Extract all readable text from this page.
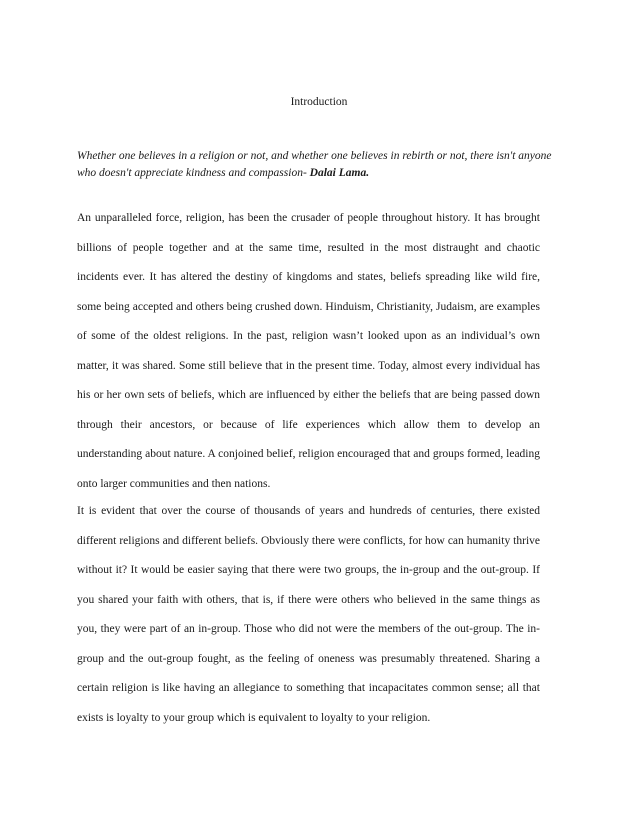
Introduction

Whether one believes in a religion or not, and whether one believes in rebirth or not, there isn't anyone who doesn't appreciate kindness and compassion- Dalai Lama.

An unparalleled force, religion, has been the crusader of people throughout history. It has brought billions of people together and at the same time, resulted in the most distraught and chaotic incidents ever. It has altered the destiny of kingdoms and states, beliefs spreading like wild fire, some being accepted and others being crushed down. Hinduism, Christianity, Judaism, are examples of some of the oldest religions. In the past, religion wasn’t looked upon as an individual’s own matter, it was shared. Some still believe that in the present time. Today, almost every individual has his or her own sets of beliefs, which are influenced by either the beliefs that are being passed down through their ancestors, or because of life experiences which allow them to develop an understanding about nature. A conjoined belief, religion encouraged that and groups formed, leading onto larger communities and then nations.

It is evident that over the course of thousands of years and hundreds of centuries, there existed different religions and different beliefs. Obviously there were conflicts, for how can humanity thrive without it? It would be easier saying that there were two groups, the in-group and the out-group. If you shared your faith with others, that is, if there were others who believed in the same things as you, they were part of an in-group. Those who did not were the members of the out-group. The in-group and the out-group fought, as the feeling of oneness was presumably threatened. Sharing a certain religion is like having an allegiance to something that incapacitates common sense; all that exists is loyalty to your group which is equivalent to loyalty to your religion.
